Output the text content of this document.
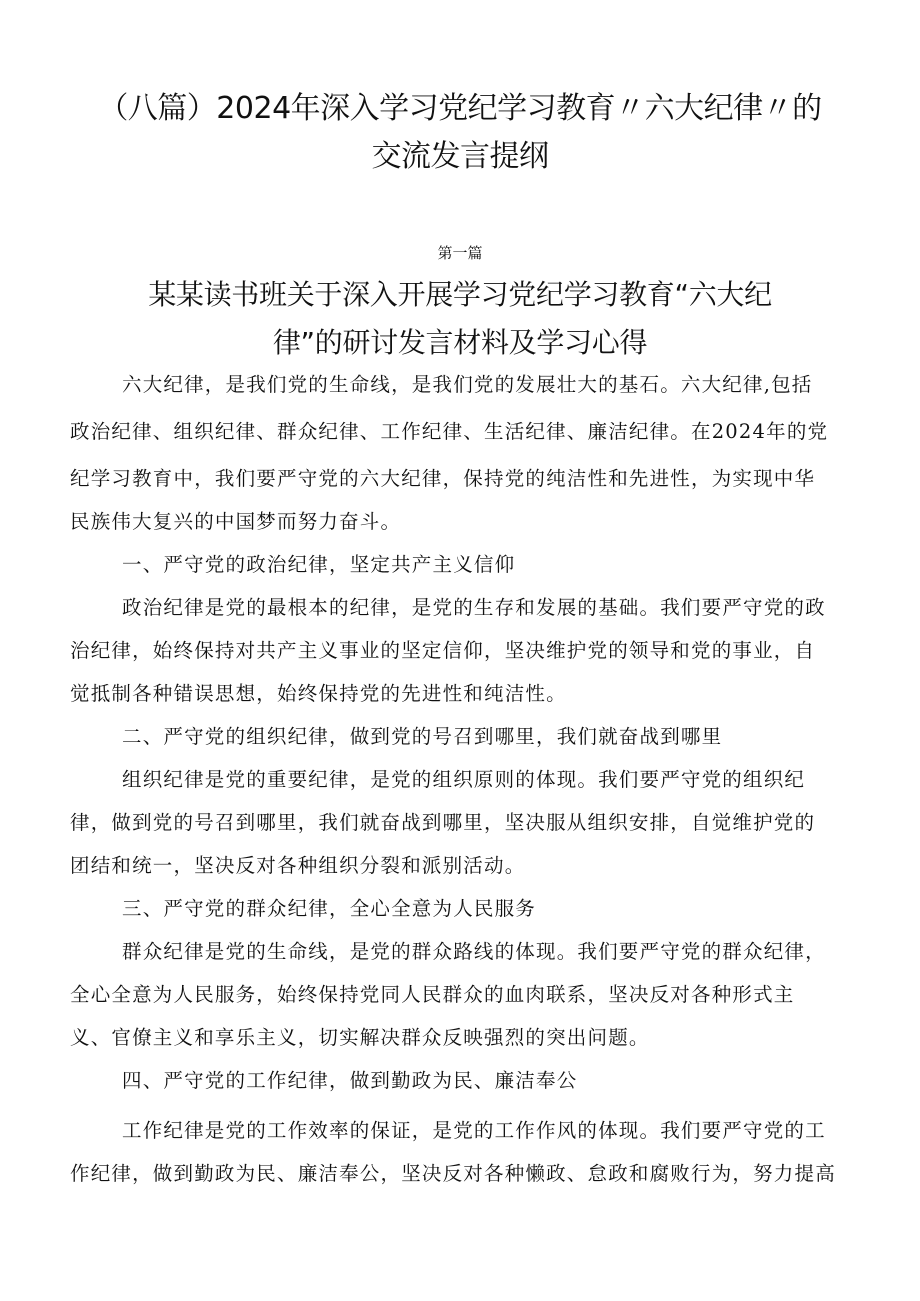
（八篇）2024年深入学习党纪学习教育〃六大纪律〃的
交流发言提纲
第一篇
某某读书班关于深入开展学习党纪学习教育“六大纪
律”的研讨发言材料及学习心得
六大纪律，是我们党的生命线，是我们党的发展壮大的基石。六大纪律,包括
政治纪律、组织纪律、群众纪律、工作纪律、生活纪律、廉洁纪律。在2024年的党
纪学习教育中，我们要严守党的六大纪律，保持党的纯洁性和先进性，为实现中华
民族伟大复兴的中国梦而努力奋斗。
一、严守党的政治纪律，坚定共产主义信仰
政治纪律是党的最根本的纪律，是党的生存和发展的基础。我们要严守党的政
治纪律，始终保持对共产主义事业的坚定信仰，坚决维护党的领导和党的事业，自
觉抵制各种错误思想，始终保持党的先进性和纯洁性。
二、严守党的组织纪律，做到党的号召到哪里，我们就奋战到哪里
组织纪律是党的重要纪律，是党的组织原则的体现。我们要严守党的组织纪
律，做到党的号召到哪里，我们就奋战到哪里，坚决服从组织安排，自觉维护党的
团结和统一，坚决反对各种组织分裂和派别活动。
三、严守党的群众纪律，全心全意为人民服务
群众纪律是党的生命线，是党的群众路线的体现。我们要严守党的群众纪律，
全心全意为人民服务，始终保持党同人民群众的血肉联系，坚决反对各种形式主
义、官僚主义和享乐主义，切实解决群众反映强烈的突出问题。
四、严守党的工作纪律，做到勤政为民、廉洁奉公
工作纪律是党的工作效率的保证，是党的工作作风的体现。我们要严守党的工
作纪律，做到勤政为民、廉洁奉公，坚决反对各种懒政、怠政和腐败行为，努力提高
